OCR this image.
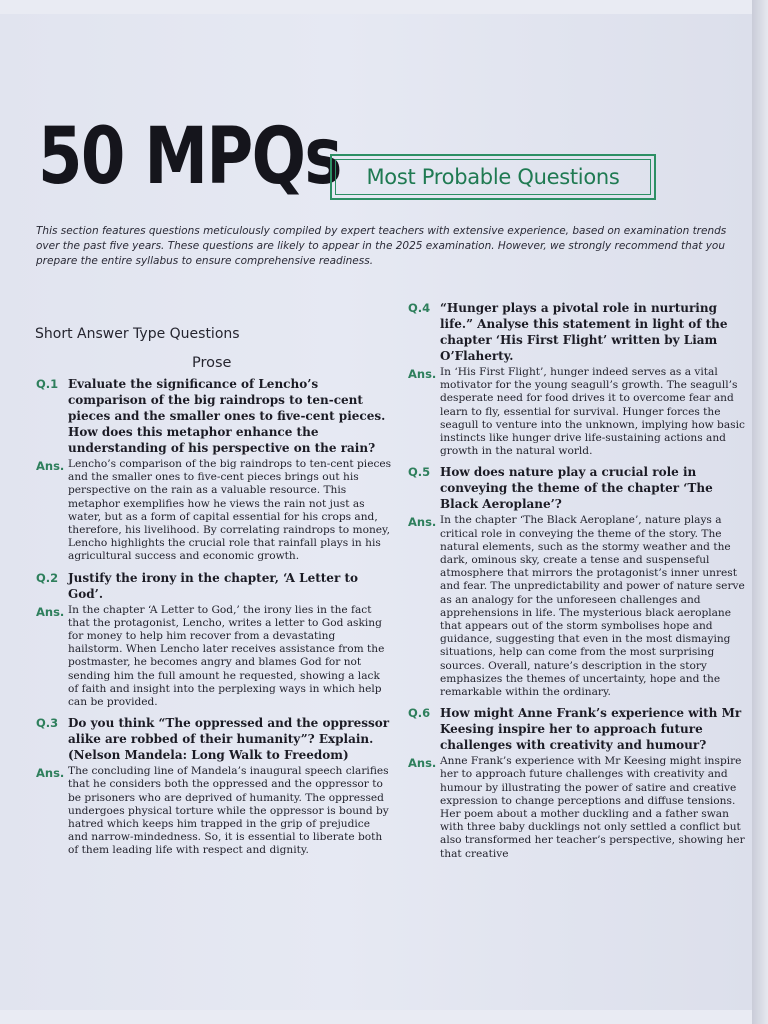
50 MPQs	Most Probable Questions
This section features questions meticulously compiled by expert teachers with extensive experience, based on examination trends over the past five years. These questions are likely to appear in the 2025 examination. However, we strongly recommend that you prepare the entire syllabus to ensure comprehensive readiness.
Short Answer Type Questions
Prose
Q.1 Evaluate the significance of Lencho’s comparison of the big raindrops to ten-cent pieces and the smaller ones to five-cent pieces. How does this metaphor enhance the understanding of his perspective on the rain?
Ans. Lencho’s comparison of the big raindrops to ten-cent pieces and the smaller ones to five-cent pieces brings out his perspective on the rain as a valuable resource. This metaphor exemplifies how he views the rain not just as water, but as a form of capital essential for his crops and, therefore, his livelihood. By correlating raindrops to money, Lencho highlights the crucial role that rainfall plays in his agricultural success and economic growth.
Q.2 Justify the irony in the chapter, ‘A Letter to God’.
Ans. In the chapter ‘A Letter to God,’ the irony lies in the fact that the protagonist, Lencho, writes a letter to God asking for money to help him recover from a devastating hailstorm. When Lencho later receives assistance from the postmaster, he becomes angry and blames God for not sending him the full amount he requested, showing a lack of faith and insight into the perplexing ways in which help can be provided.
Q.3 Do you think “The oppressed and the oppressor alike are robbed of their humanity”? Explain. (Nelson Mandela: Long Walk to Freedom)
Ans. The concluding line of Mandela’s inaugural speech clarifies that he considers both the oppressed and the oppressor to be prisoners who are deprived of humanity. The oppressed undergoes physical torture while the oppressor is bound by hatred which keeps him trapped in the grip of prejudice and narrow-mindedness. So, it is essential to liberate both of them leading life with respect and dignity.
Q.4 “Hunger plays a pivotal role in nurturing life.” Analyse this statement in light of the chapter ‘His First Flight’ written by Liam O’Flaherty.
Ans. In ‘His First Flight’, hunger indeed serves as a vital motivator for the young seagull’s growth. The seagull’s desperate need for food drives it to overcome fear and learn to fly, essential for survival. Hunger forces the seagull to venture into the unknown, implying how basic instincts like hunger drive life-sustaining actions and growth in the natural world.
Q.5 How does nature play a crucial role in conveying the theme of the chapter ‘The Black Aeroplane’?
Ans. In the chapter ‘The Black Aeroplane’, nature plays a critical role in conveying the theme of the story. The natural elements, such as the stormy weather and the dark, ominous sky, create a tense and suspenseful atmosphere that mirrors the protagonist’s inner unrest and fear. The unpredictability and power of nature serve as an analogy for the unforeseen challenges and apprehensions in life. The mysterious black aeroplane that appears out of the storm symbolises hope and guidance, suggesting that even in the most dismaying situations, help can come from the most surprising sources. Overall, nature’s description in the story emphasizes the themes of uncertainty, hope and the remarkable within the ordinary.
Q.6 How might Anne Frank’s experience with Mr Keesing inspire her to approach future challenges with creativity and humour?
Ans. Anne Frank’s experience with Mr Keesing might inspire her to approach future challenges with creativity and humour by illustrating the power of satire and creative expression to change perceptions and diffuse tensions. Her poem about a mother duckling and a father swan with three baby ducklings not only settled a conflict but also transformed her teacher’s perspective, showing her that creative
